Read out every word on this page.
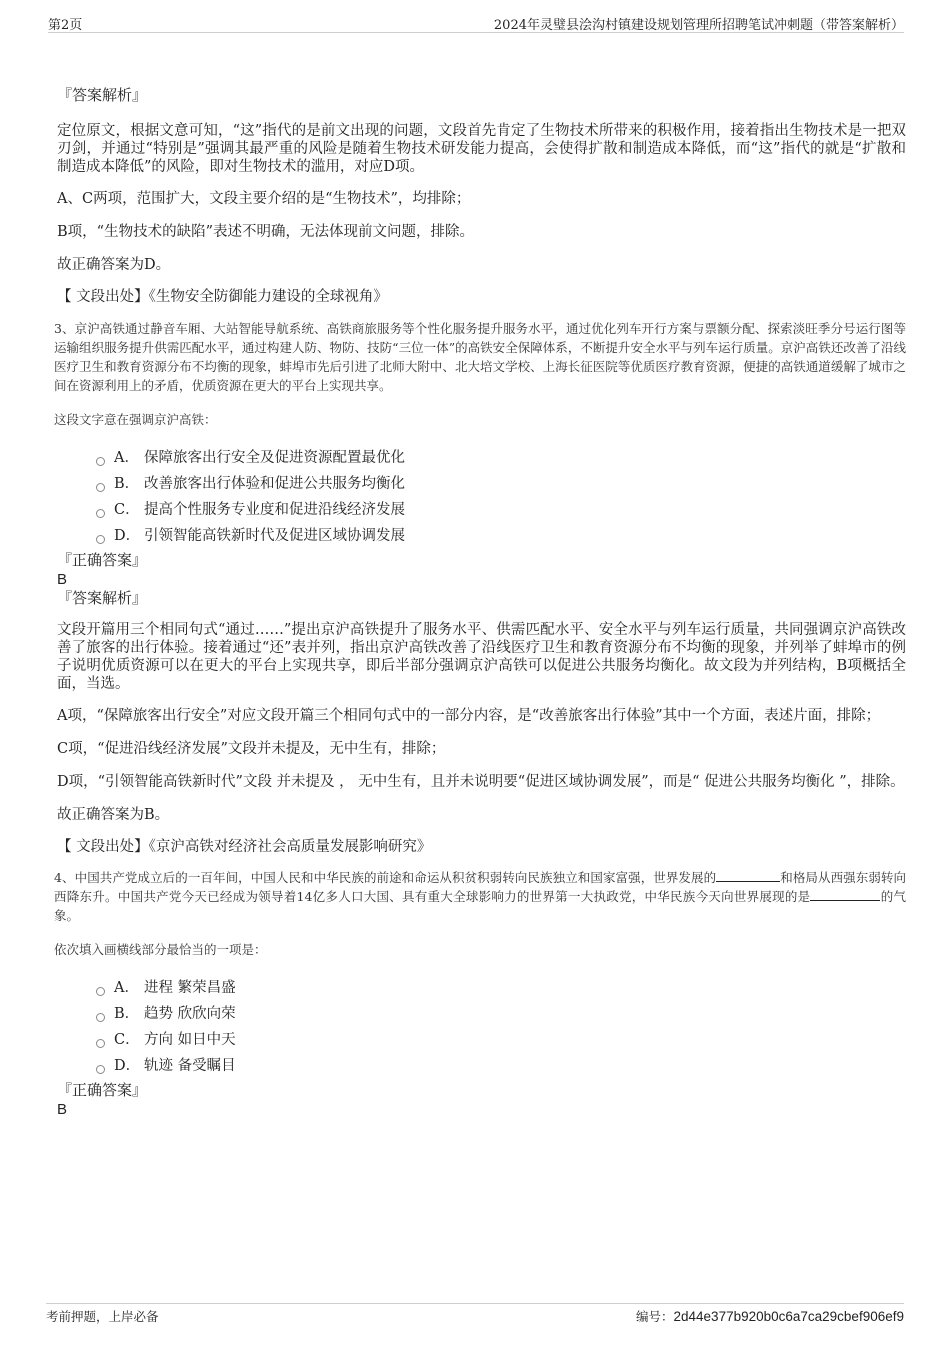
第2页	2024年灵璧县浍沟村镇建设规划管理所招聘笔试冲刺题（带答案解析）

『答案解析』

定位原文，根据文意可知，“这”指代的是前文出现的问题，文段首先肯定了生物技术所带来的积极作用，接着指出生物技术是一把双刃剑，并通过“特别是”强调其最严重的风险是随着生物技术研发能力提高，会使得扩散和制造成本降低，而“这”指代的就是“扩散和制造成本降低”的风险，即对生物技术的滥用，对应D项。

A、C两项，范围扩大，文段主要介绍的是“生物技术”，均排除；

B项，“生物技术的缺陷”表述不明确，无法体现前文问题，排除。

故正确答案为D。

【 文段出处】《生物安全防御能力建设的全球视角》

3、京沪高铁通过静音车厢、大站智能导航系统、高铁商旅服务等个性化服务提升服务水平，通过优化列车开行方案与票额分配、探索淡旺季分号运行图等运输组织服务提升供需匹配水平，通过构建人防、物防、技防“三位一体”的高铁安全保障体系，不断提升安全水平与列车运行质量。京沪高铁还改善了沿线医疗卫生和教育资源分布不均衡的现象，蚌埠市先后引进了北师大附中、北大培文学校、上海长征医院等优质医疗教育资源，便捷的高铁通道缓解了城市之间在资源利用上的矛盾，优质资源在更大的平台上实现共享。

这段文字意在强调京沪高铁：

A． 保障旅客出行安全及促进资源配置最优化
B． 改善旅客出行体验和促进公共服务均衡化
C． 提高个性服务专业度和促进沿线经济发展
D． 引领智能高铁新时代及促进区域协调发展

『正确答案』

B

『答案解析』

文段开篇用三个相同句式“通过……”提出京沪高铁提升了服务水平、供需匹配水平、安全水平与列车运行质量，共同强调京沪高铁改善了旅客的出行体验。接着通过“还”表并列，指出京沪高铁改善了沿线医疗卫生和教育资源分布不均衡的现象，并列举了蚌埠市的例子说明优质资源可以在更大的平台上实现共享，即后半部分强调京沪高铁可以促进公共服务均衡化。故文段为并列结构，B项概括全面，当选。

A项，“保障旅客出行安全”对应文段开篇三个相同句式中的一部分内容，是“改善旅客出行体验”其中一个方面，表述片面，排除；

C项，“促进沿线经济发展”文段并未提及，无中生有，排除；

D项，“引领智能高铁新时代”文段 并未提及 ， 无中生有，且并未说明要“促进区域协调发展”，而是“ 促进公共服务均衡化 ”，排除。

故正确答案为B。

【 文段出处】《京沪高铁对经济社会高质量发展影响研究》

4、中国共产党成立后的一百年间，中国人民和中华民族的前途和命运从积贫积弱转向民族独立和国家富强，世界发展的	和格局从西强东弱转向西降东升。中国共产党今天已经成为领导着14亿多人口大国、具有重大全球影响力的世界第一大执政党，中华民族今天向世界展现的是	的气象。

依次填入画横线部分最恰当的一项是：

A． 进程 繁荣昌盛
B． 趋势 欣欣向荣
C． 方向 如日中天
D． 轨迹 备受瞩目

『正确答案』

B

考前押题，上岸必备	编号：2d44e377b920b0c6a7ca29cbef906ef9
